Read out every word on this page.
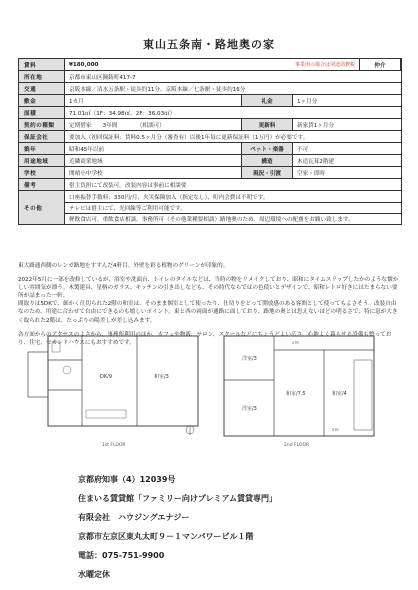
東山五条南・路地奥の家
賃料	¥180,000	事業用の場合は別途消費税	仲介
所在地	京都市東山区鐘鋳町417-7
交通	京阪本線／清水五条駅・徒歩約11分、京阪本線／七条駅・徒歩約16分
敷金	1カ月	礼金	1ヶ月分
面積	71.01㎡（1F：34.98㎡、2F：36.03㎡）
契約の種類	定期借家　　3年間　　　　（相談可）	更新料	新家賃1ヶ月分
保証会社	要加入（初回保証料：賃料0.5ヶ月分（審査有）以後1年毎に更新保証料（1万円）が必要です。
築年	昭和45年以前	ペット・楽器	不可
用途地域	近隣商業地域	構造	木造瓦葺2階建
学校	開晴小中学校	現況・引渡	空家・即時
備考	借主負担にて改装可。改装内容は事前に相談要
その他
口座振替手数料：330円/月、火災保険加入（指定なし）、町内会費は不明です。
テレビは借主にて、光回線等ご利用可能です。
軽飲食店可。重飲食店相談。事務所可（その他業種要相談）路地奥のため、周辺環境への配慮をお願い致します。

東大路通西側のレンガ路地をすすんだ4軒目。外壁を彩る植物のグリーンが印象的。

2022年5月に一部を改修しているが、浴室や洗面台、トイレのタイルなどは、当時の物をリメイクしており、昭和にタイムスリップしたかのような懐かしい雰囲気が漂う。木製建具、星柄のガラス、キッチンの引き出しなども、その時代ならではの色使いとデザインで、昭和レトロ好きにはたまらない要所が詰まった一軒。

間取りは5DKで、細かく仕切られた2階の和室は、そのまま個室として使ったり、仕切りをとって開放感のある客間として使ってもよさそう。改装自由なのため、用途に合わせて自由にできるのも嬉しいポイント。東と西の両面が通路に面しており、路地の奥とは思えないほどの明るさで、特に窓が大きく取られた2階は、たっぷりの陽差しが差し込みます。

各方面からのアクセスのよさから、事務所利用のほか、カフェや物販、サロン、スクールなどにちょうどよい広さ。心地よく暮らせる設備も整っており、住宅、セカンドハウスにもおすすめです。

DK/9	和室/3
1st FLOOR
洋室/3
洋室/3
和室/7.5	和室/4
STR
STR
2nd FLOOR
京都府知事（4）12039号
住まいる賃貸館「ファミリー向けプレミアム賃貸専門」
有限会社　ハウジングエナジー
京都市左京区東丸太町９－１マンパワービル１階
電話：075-751-9900
水曜定休
